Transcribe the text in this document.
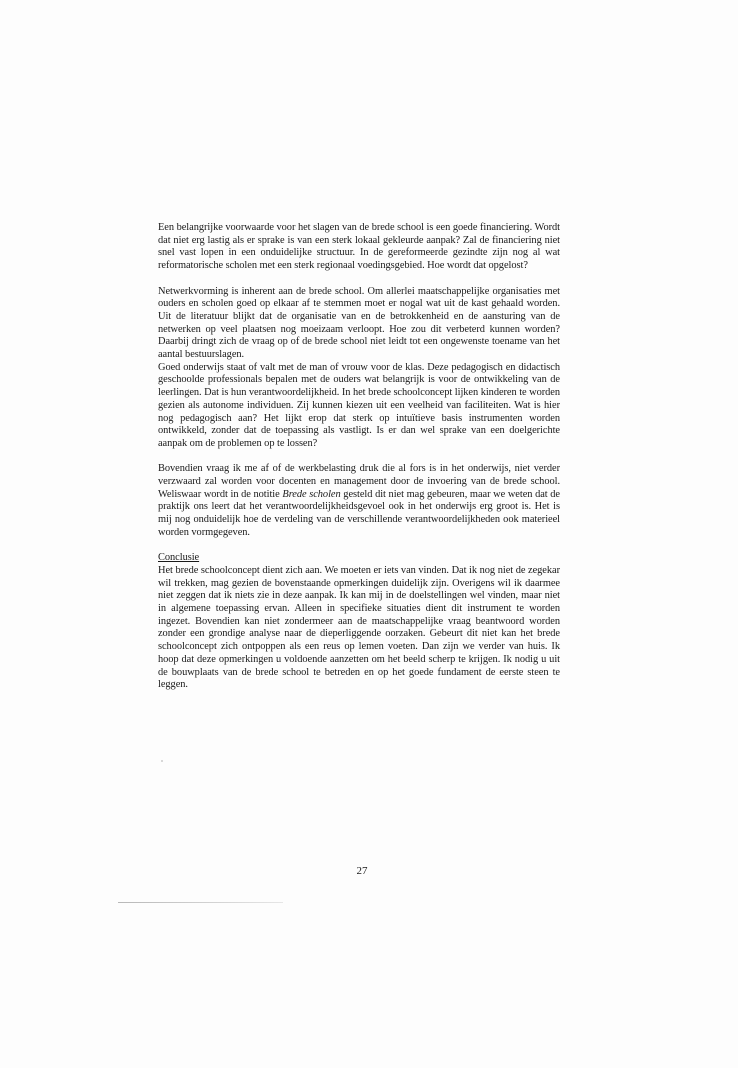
Een belangrijke voorwaarde voor het slagen van de brede school is een goede financiering. Wordt dat niet erg lastig als er sprake is van een sterk lokaal gekleurde aanpak? Zal de financiering niet snel vast lopen in een onduidelijke structuur. In de gereformeerde gezindte zijn nog al wat reformatorische scholen met een sterk regionaal voedingsgebied. Hoe wordt dat opgelost?

Netwerkvorming is inherent aan de brede school. Om allerlei maatschappelijke organisaties met ouders en scholen goed op elkaar af te stemmen moet er nogal wat uit de kast gehaald worden. Uit de literatuur blijkt dat de organisatie van en de betrokkenheid en de aansturing van de netwerken op veel plaatsen nog moeizaam verloopt. Hoe zou dit verbeterd kunnen worden? Daarbij dringt zich de vraag op of de brede school niet leidt tot een ongewenste toename van het aantal bestuurslagen.

Goed onderwijs staat of valt met de man of vrouw voor de klas. Deze pedagogisch en didactisch geschoolde professionals bepalen met de ouders wat belangrijk is voor de ontwikkeling van de leerlingen. Dat is hun verantwoordelijkheid. In het brede schoolconcept lijken kinderen te worden gezien als autonome individuen. Zij kunnen kiezen uit een veelheid van faciliteiten. Wat is hier nog pedagogisch aan? Het lijkt erop dat sterk op intuïtieve basis instrumenten worden ontwikkeld, zonder dat de toepassing als vastligt. Is er dan wel sprake van een doelgerichte aanpak om de problemen op te lossen?

Bovendien vraag ik me af of de werkbelasting druk die al fors is in het onderwijs, niet verder verzwaard zal worden voor docenten en management door de invoering van de brede school. Weliswaar wordt in de notitie Brede scholen gesteld dit niet mag gebeuren, maar we weten dat de praktijk ons leert dat het verantwoordelijkheidsgevoel ook in het onderwijs erg groot is. Het is mij nog onduidelijk hoe de verdeling van de verschillende verantwoordelijkheden ook materieel worden vormgegeven.

Conclusie

Het brede schoolconcept dient zich aan. We moeten er iets van vinden. Dat ik nog niet de zegekar wil trekken, mag gezien de bovenstaande opmerkingen duidelijk zijn. Overigens wil ik daarmee niet zeggen dat ik niets zie in deze aanpak. Ik kan mij in de doelstellingen wel vinden, maar niet in algemene toepassing ervan. Alleen in specifieke situaties dient dit instrument te worden ingezet. Bovendien kan niet zondermeer aan de maatschappelijke vraag beantwoord worden zonder een grondige analyse naar de dieperliggende oorzaken. Gebeurt dit niet kan het brede schoolconcept zich ontpoppen als een reus op lemen voeten. Dan zijn we verder van huis. Ik hoop dat deze opmerkingen u voldoende aanzetten om het beeld scherp te krijgen. Ik nodig u uit de bouwplaats van de brede school te betreden en op het goede fundament de eerste steen te leggen.

27
